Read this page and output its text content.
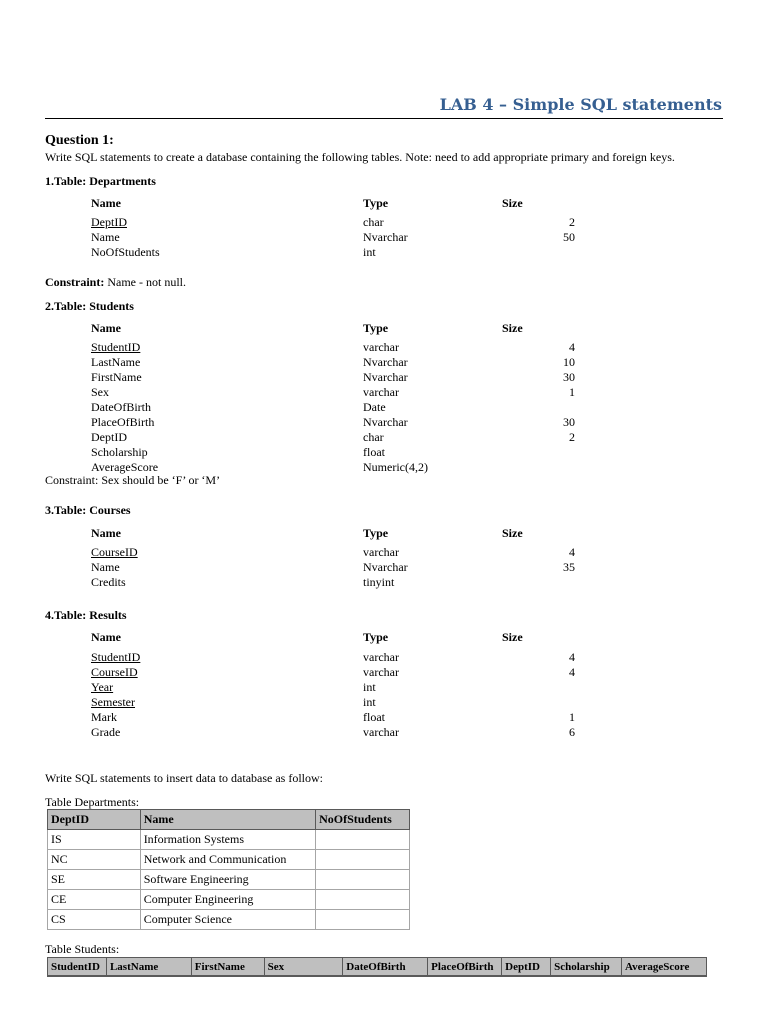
LAB 4 – Simple SQL statements
Question 1:
Write SQL statements to create a database containing the following tables. Note: need to add appropriate primary and foreign keys.
1.Table: Departments
Name	Type	Size
DeptID	char	2
Name	Nvarchar	50
NoOfStudents	int
Constraint: Name - not null.
2.Table: Students
Name	Type	Size
StudentID	varchar	4
LastName	Nvarchar	10
FirstName	Nvarchar	30
Sex	varchar	1
DateOfBirth	Date
PlaceOfBirth	Nvarchar	30
DeptID	char	2
Scholarship	float
AverageScore	Numeric(4,2)
Constraint: Sex should be ‘F’ or ‘M’
3.Table: Courses
Name	Type	Size
CourseID	varchar	4
Name	Nvarchar	35
Credits	tinyint
4.Table: Results
Name	Type	Size
StudentID	varchar	4
CourseID	varchar	4
Year	int
Semester	int
Mark	float	1
Grade	varchar	6
Write SQL statements to insert data to database as follow:
Table Departments:
DeptID	Name	NoOfStudents
IS	Information Systems	
NC	Network and Communication	
SE	Software Engineering	
CE	Computer Engineering	
CS	Computer Science	
Table Students:
StudentID	LastName	FirstName	Sex	DateOfBirth	PlaceOfBirth	DeptID	Scholarship	AverageScore
